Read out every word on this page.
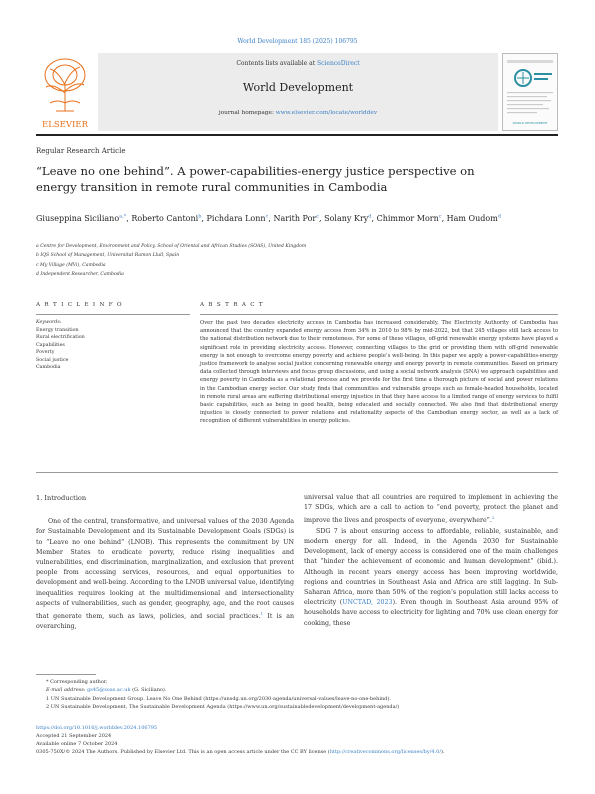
World Development 185 (2025) 106795
ELSEVIER
Contents lists available at ScienceDirect
World Development
journal homepage: www.elsevier.com/locate/worlddev
WORLD DEVELOPMENT
Regular Research Article
“Leave no one behind”. A power-capabilities-energy justice perspective on energy transition in remote rural communities in Cambodia
Giuseppina Siciliano$^{a,*}$, Roberto Cantoni$^b$, Pichdara Lonn$^c$, Narith Por$^c$, Solany Kry$^d$, Chimmor Morn$^c$, Ham Oudom$^d$
a Centre for Development, Environment and Policy, School of Oriental and African Studies (SOAS), United Kingdom
b IQS School of Management, Universitat Ramon Llull, Spain
c My Village (MVi), Cambodia
d Independent Researcher, Cambodia
A R T I C L E I N F O	A B S T R A C T
Keywords:
Energy transition
Rural electrification
Capabilities
Poverty
Social justice
Cambodia
Over the past two decades electricity access in Cambodia has increased considerably. The Electricity Authority of Cambodia has announced that the country expanded energy access from 34% in 2010 to 98% by mid-2022, but that 245 villages still lack access to the national distribution network due to their remoteness. For some of these villages, off-grid renewable energy systems have played a significant role in providing electricity access. However, connecting villages to the grid or providing them with off-grid renewable energy is not enough to overcome energy poverty and achieve people’s well-being. In this paper we apply a power-capabilities-energy justice framework to analyse social justice concerning renewable energy and energy poverty in remote communities. Based on primary data collected through interviews and focus group discussions, and using a social network analysis (SNA) we approach capabilities and energy poverty in Cambodia as a relational process and we provide for the first time a thorough picture of social and power relations in the Cambodian energy sector. Our study finds that communities and vulnerable groups such as female-headed households, located in remote rural areas are suffering distributional energy injustice in that they have access to a limited range of energy services to fulfil basic capabilities, such as being in good health, being educated and socially connected. We also find that distributional energy injustice is closely connected to power relations and relationality aspects of the Cambodian energy sector, as well as a lack of recognition of different vulnerabilities in energy policies.
1. Introduction

One of the central, transformative, and universal values of the 2030 Agenda for Sustainable Development and its Sustainable Development Goals (SDGs) is to “Leave no one behind” (LNOB). This represents the commitment by UN Member States to eradicate poverty, reduce rising inequalities and vulnerabilities, end discrimination, marginalization, and exclusion that prevent people from accessing services, resources, and equal opportunities to development and well-being. According to the LNOB universal value, identifying inequalities requires looking at the multidimensional and intersectionality aspects of vulnerabilities, such as gender, geography, age, and the root causes that generate them, such as laws, policies, and social practices.$^1$ It is an overarching,

universal value that all countries are required to implement in achieving the 17 SDGs, which are a call to action to “end poverty, protect the planet and improve the lives and prospects of everyone, everywhere”.$^2$

SDG 7 is about ensuring access to affordable, reliable, sustainable, and modern energy for all. Indeed, in the Agenda 2030 for Sustainable Development, lack of energy access is considered one of the main challenges that “hinder the achievement of economic and human development” (ibid.). Although in recent years energy access has been improving worldwide, regions and countries in Southeast Asia and Africa are still lagging. In Sub-Saharan Africa, more than 50% of the region’s population still lacks access to electricity (UNCTAD, 2023). Even though in Southeast Asia around 95% of households have access to electricity for lighting and 70% use clean energy for cooking, these

* Corresponding author.
E-mail address: gs45@soas.ac.uk (G. Siciliano).
1 UN Sustainable Development Group. Leave No One Behind (https://unsdg.un.org/2030-agenda/universal-values/leave-no-one-behind).
2 UN Sustainable Development, The Sustainable Development Agenda (https://www.un.org/sustainabledevelopment/development-agenda/)
https://doi.org/10.1016/j.worlddev.2024.106795
Accepted 21 September 2024
Available online 7 October 2024
0305-750X/© 2024 The Authors. Published by Elsevier Ltd. This is an open access article under the CC BY license (http://creativecommons.org/licenses/by/4.0/).
